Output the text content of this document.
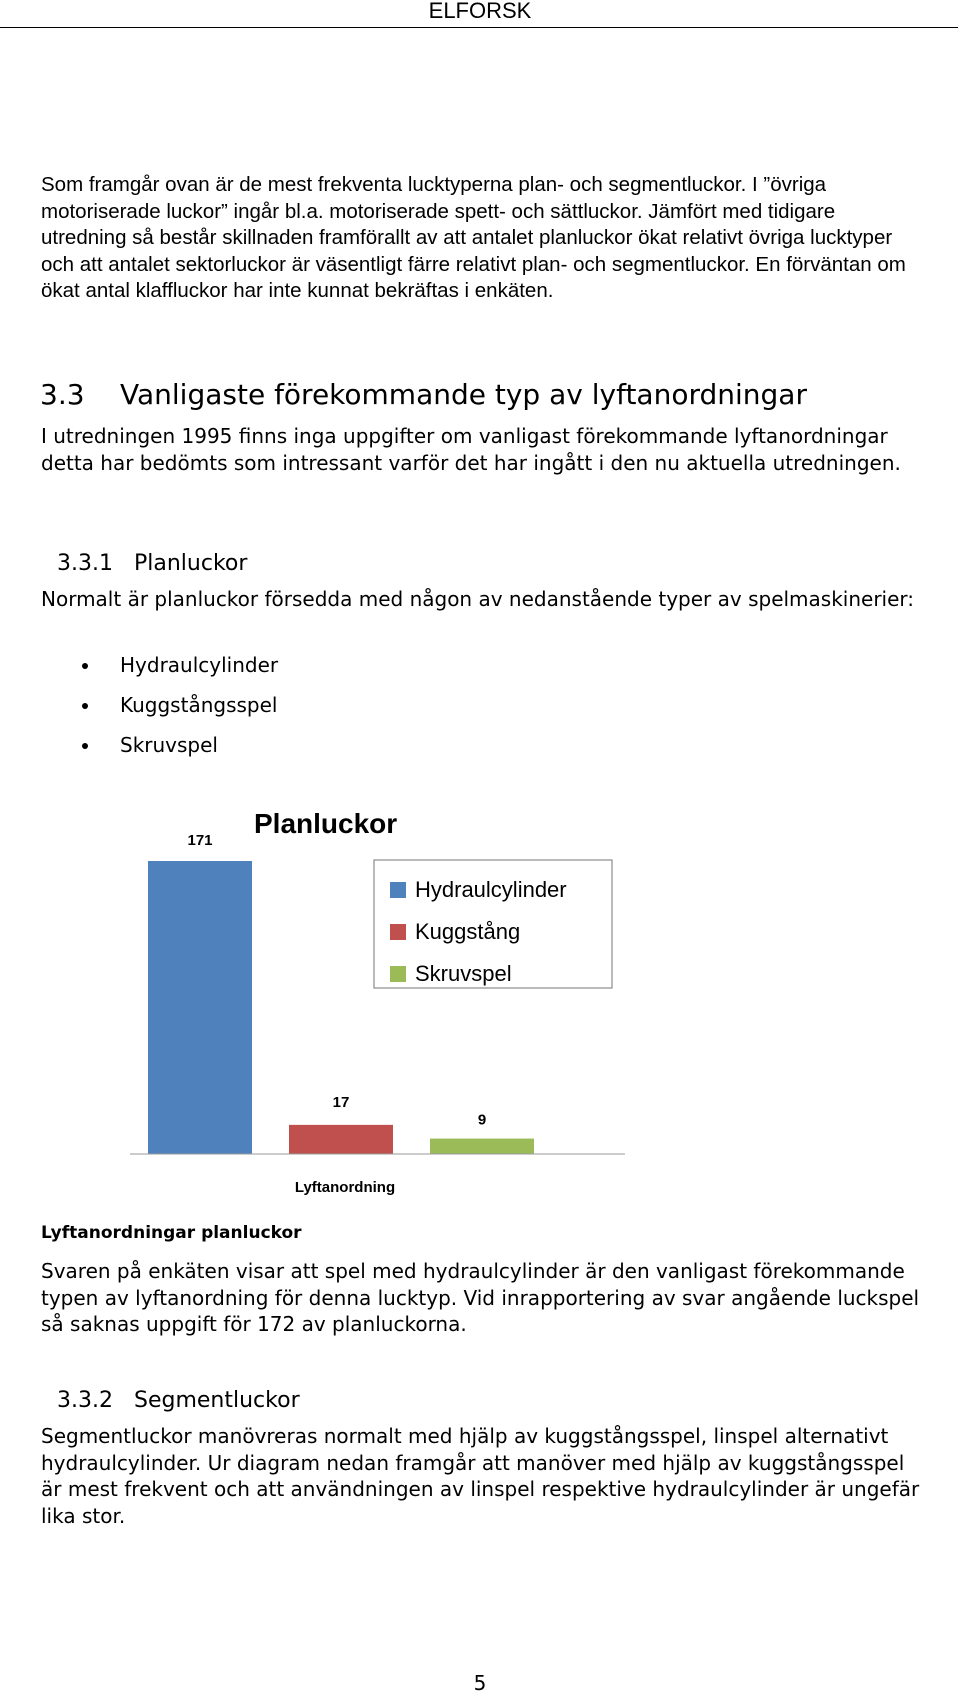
ELFORSK

Som framgår ovan är de mest frekventa lucktyperna plan- och segmentluckor. I ”övriga motoriserade luckor” ingår bl.a. motoriserade spett- och sättluckor. Jämfört med tidigare utredning så består skillnaden framförallt av att antalet planluckor ökat relativt övriga lucktyper och att antalet sektorluckor är väsentligt färre relativt plan- och segmentluckor. En förväntan om ökat antal klaffluckor har inte kunnat bekräftas i enkäten.

3.3 Vanligaste förekommande typ av lyftanordningar

I utredningen 1995 finns inga uppgifter om vanligast förekommande lyftanordningar detta har bedömts som intressant varför det har ingått i den nu aktuella utredningen.

3.3.1 Planluckor

Normalt är planluckor försedda med någon av nedanstående typer av spelmaskinerier:

Hydraulcylinder
Kuggstångsspel
Skruvspel
Planluckor
171
17
9
Lyftanordning
Hydraulcylinder
Kuggstång
Skruvspel
Lyftanordningar planluckor

Svaren på enkäten visar att spel med hydraulcylinder är den vanligast förekommande typen av lyftanordning för denna lucktyp. Vid inrapportering av svar angående luckspel så saknas uppgift för 172 av planluckorna.

3.3.2 Segmentluckor

Segmentluckor manövreras normalt med hjälp av kuggstångsspel, linspel alternativt hydraulcylinder. Ur diagram nedan framgår att manöver med hjälp av kuggstångsspel är mest frekvent och att användningen av linspel respektive hydraulcylinder är ungefär lika stor.

5
